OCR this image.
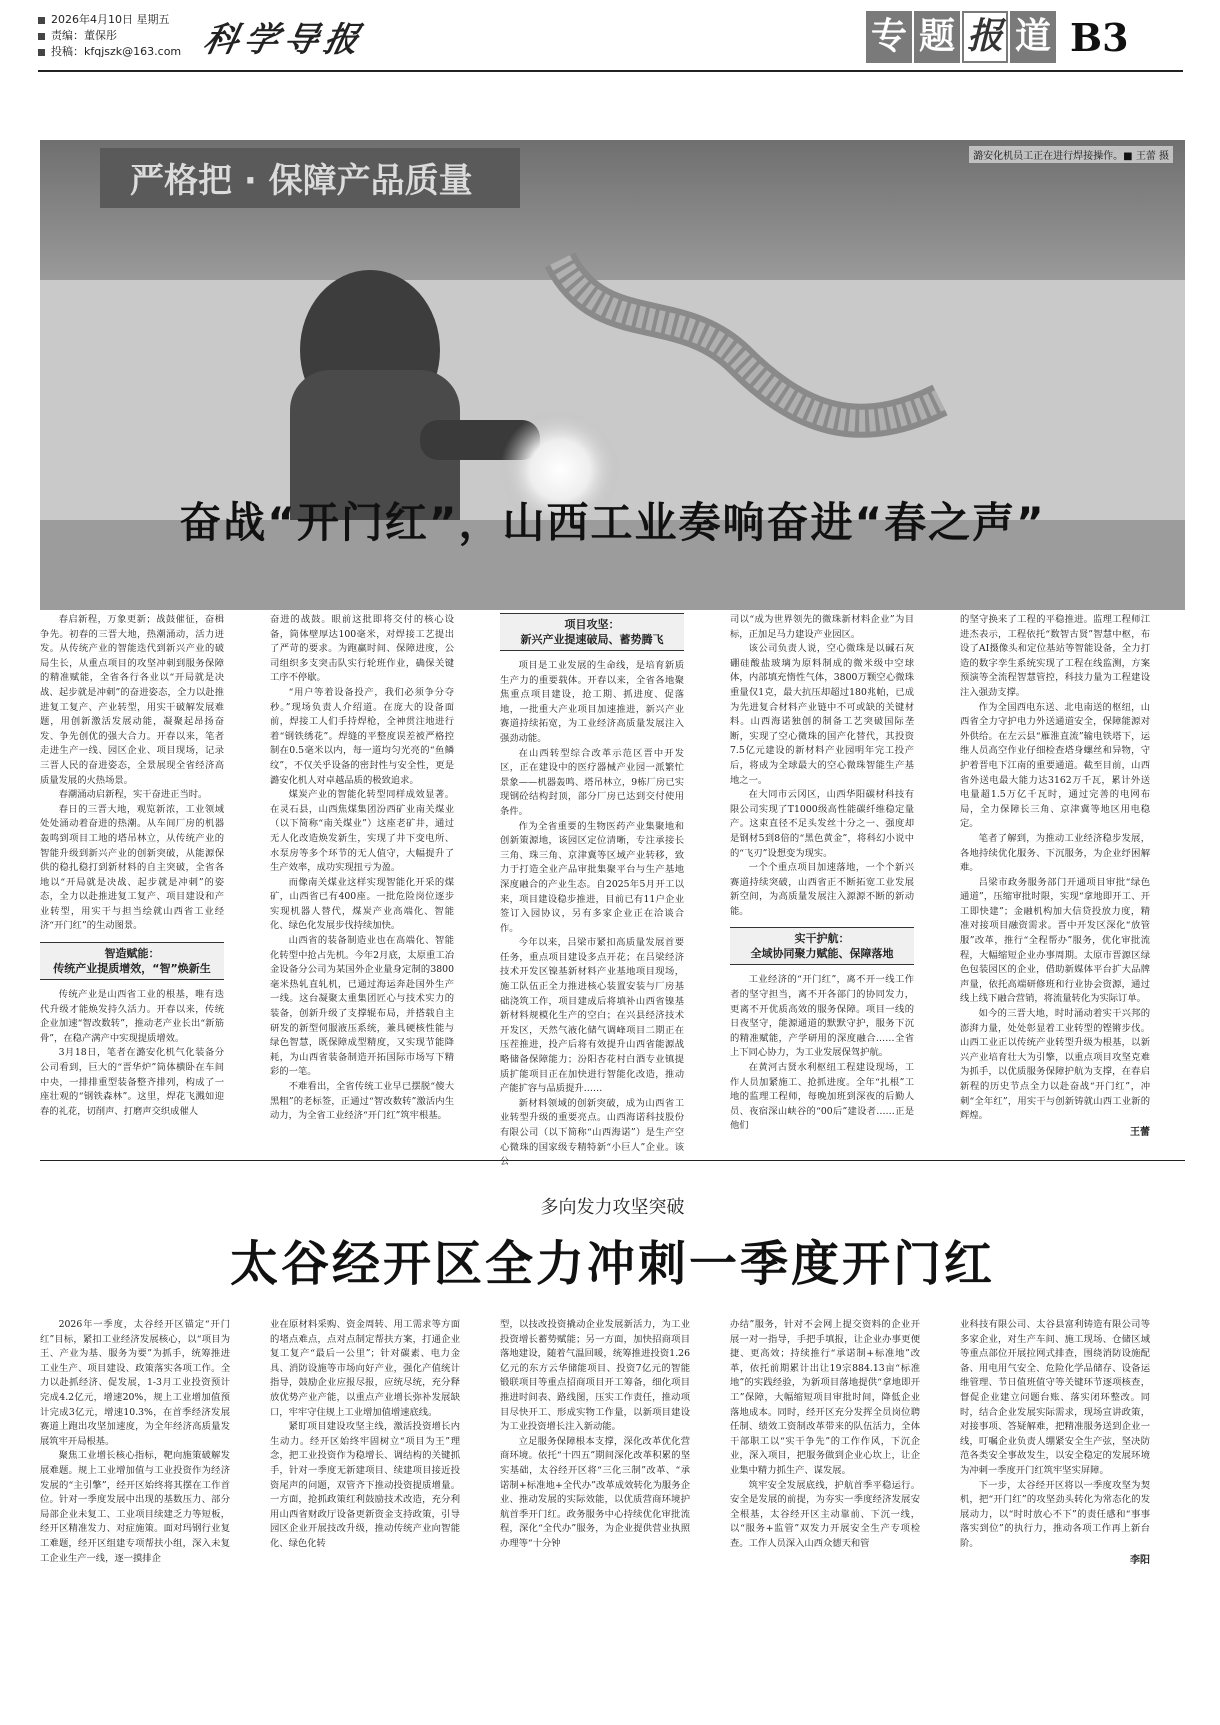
2026年4月10日 星期五
责编：董保彤
投稿：kfqjszk@163.com 科学导报	专 题 报 道 B3
严格把 · 保障产品质量
潞安化机员工正在进行焊接操作。■ 王蕾 摄
奋战“开门红”，山西工业奏响奋进“春之声”

春启新程，万象更新；战鼓催征，奋楫争先。初春的三晋大地，热潮涌动，活力迸发。从传统产业的智能迭代到新兴产业的破局生长，从重点项目的攻坚冲刺到服务保障的精准赋能，全省各行各业以“开局就是决战、起步就是冲刺”的奋进姿态，全力以赴推进复工复产、产业转型，用实干破解发展难题，用创新激活发展动能，凝聚起昂扬奋发、争先创优的强大合力。开春以来，笔者走进生产一线、园区企业、项目现场，记录三晋人民的奋进姿态，全景展现全省经济高质量发展的火热场景。

春潮涌动启新程，实干奋进正当时。

春日的三晋大地，观览新浓，工业领域处处涌动着奋进的热潮。从车间厂房的机器轰鸣到项目工地的塔吊林立，从传统产业的智能升级到新兴产业的创新突破，从能源保供的稳扎稳打到新材料的自主突破，全省各地以“开局就是决战、起步就是冲刺”的姿态，全力以赴推进复工复产、项目建设和产业转型，用实干与担当绘就山西省工业经济“开门红”的生动图景。

智造赋能：
传统产业提质增效，“智”焕新生

传统产业是山西省工业的根基，唯有迭代升级才能焕发持久活力。开春以来，传统企业加速“智改数转”，推动老产业长出“新筋骨”，在稳产满产中实现提质增效。

3月18日，笔者在潞安化机气化装备分公司看到，巨大的“晋华炉”筒体横卧在车间中央，一排排重型装备整齐排列，构成了一座壮观的“钢铁森林”。这里，焊花飞溅如迎春的礼花，切削声、打磨声交织成催人

奋进的战鼓。眼前这批即将交付的核心设备，筒体壁厚达100毫米，对焊接工艺提出了严苛的要求。为跑赢时间、保障进度，公司组织多支突击队实行轮班作业，确保关键工序不停歇。

“用户等着设备投产，我们必须争分夺秒。”现场负责人介绍道。在庞大的设备面前，焊接工人们手持焊枪，全神贯注地进行着“钢铁绣花”。焊缝的平整度误差被严格控制在0.5毫米以内，每一道均匀光亮的“鱼鳞纹”，不仅关乎设备的密封性与安全性，更是潞安化机人对卓越品质的极致追求。

煤炭产业的智能化转型同样成效显著。在灵石县，山西焦煤集团汾西矿业南关煤业（以下简称“南关煤业”）这座老矿井，通过无人化改造焕发新生，实现了井下变电所、水泵房等多个环节的无人值守，大幅提升了生产效率，成功实现扭亏为盈。

而像南关煤业这样实现智能化开采的煤矿，山西省已有400座。一批危险岗位逐步实现机器人替代，煤炭产业高端化、智能化、绿色化发展步伐持续加快。

山西省的装备制造业也在高端化、智能化转型中抢占先机。今年2月底，太原重工冶金设备分公司为某国外企业量身定制的3800毫米热轧直轧机，已通过海运奔赴国外生产一线。这台凝聚太重集团匠心与技术实力的装备，创新升级了支撑辊布局，并搭载自主研发的新型伺服液压系统，兼具硬核性能与绿色智慧，既保障成型精度，又实现节能降耗，为山西省装备制造开拓国际市场写下精彩的一笔。

不难看出，全省传统工业早已摆脱“傻大黑粗”的老标签，正通过“智改数转”激活内生动力，为全省工业经济“开门红”筑牢根基。

项目攻坚：
新兴产业提速破局、蓄势腾飞

项目是工业发展的生命线，是培育新质生产力的重要载体。开春以来，全省各地聚焦重点项目建设，抢工期、抓进度、促落地，一批重大产业项目加速推进，新兴产业赛道持续拓宽，为工业经济高质量发展注入强劲动能。

在山西转型综合改革示范区晋中开发区，正在建设中的医疗器械产业园一派繁忙景象——机器轰鸣、塔吊林立，9栋厂房已实现钢砼结构封顶，部分厂房已达到交付使用条件。

作为全省重要的生物医药产业集聚地和创新策源地，该园区定位清晰，专注承接长三角、珠三角、京津冀等区域产业转移，致力于打造全业产品审批集聚平台与生产基地深度融合的产业生态。自2025年5月开工以来，项目建设稳步推进，目前已有11户企业签订入园协议，另有多家企业正在洽谈合作。

今年以来，吕梁市紧扣高质量发展首要任务，重点项目建设多点开花；在吕梁经济技术开发区镍基新材料产业基地项目现场，施工队伍正全力推进核心装置安装与厂房基础浇筑工作，项目建成后将填补山西省镍基新材料规模化生产的空白；在兴县经济技术开发区，天然气液化储气调峰项目二期正在压茬推进，投产后将有效提升山西省能源战略储备保障能力；汾阳杏花村白酒专业镇提质扩能项目正在加快进行智能化改造，推动产能扩容与品质提升……

新材料领域的创新突破，成为山西省工业转型升级的重要亮点。山西海诺科技股份有限公司（以下简称“山西海诺”）是生产空心微珠的国家级专精特新“小巨人”企业。该公

司以“成为世界领先的微珠新材料企业”为目标，正加足马力建设产业园区。

该公司负责人说，空心微珠是以碱石灰硼硅酸盐玻璃为原料制成的微米级中空球体，内部填充惰性气体，3800万颗空心微珠重量仅1克，最大抗压却超过180兆帕，已成为先进复合材料产业链中不可或缺的关键材料。山西海诺独创的制备工艺突破国际垄断，实现了空心微珠的国产化替代，其投资7.5亿元建设的新材料产业园明年完工投产后，将成为全球最大的空心微珠智能生产基地之一。

在大同市云冈区，山西华阳碳材科技有限公司实现了T1000级高性能碳纤维稳定量产。这束直径不足头发丝十分之一、强度却是钢材5到8倍的“黑色黄金”，将科幻小说中的“飞刃”设想变为现实。

一个个重点项目加速落地，一个个新兴赛道持续突破，山西省正不断拓宽工业发展新空间，为高质量发展注入源源不断的新动能。

实干护航：
全域协同聚力赋能、保障落地

工业经济的“开门红”，离不开一线工作者的坚守担当，离不开各部门的协同发力，更离不开优质高效的服务保障。项目一线的日夜坚守，能源通道的默默守护，服务下沉的精准赋能，产学研用的深度融合……全省上下同心协力，为工业发展保驾护航。

在黄河古贤水利枢纽工程建设现场，工作人员加紧施工、抢抓进度。全年“扎根”工地的监理工程师，每晚加班到深夜的后勤人员、夜宿深山峡谷的“00后”建设者……正是他们

的坚守换来了工程的平稳推进。监理工程师江进杰表示，工程依托“数智古贤”智慧中枢，布设了AI摄像头和定位基站等智能设备，全力打造的数字孪生系统实现了工程在线监测，方案预演等全流程智慧管控，科技力量为工程建设注入强劲支撑。

作为全国西电东送、北电南送的枢纽，山西省全力守护电力外送通道安全，保障能源对外供给。在左云县“雁淮直流”输电铁塔下，运维人员高空作业仔细检查塔身螺丝和异物，守护着晋电下江南的重要通道。截至目前，山西省外送电最大能力达3162万千瓦，累计外送电量超1.5万亿千瓦时，通过完善的电网布局，全力保障长三角、京津冀等地区用电稳定。

笔者了解到，为推动工业经济稳步发展，各地持续优化服务、下沉服务，为企业纾困解难。

吕梁市政务服务部门开通项目审批“绿色通道”，压缩审批时限，实现“拿地即开工、开工即快建”；金融机构加大信贷投放力度，精准对接项目融资需求。晋中开发区深化“放管服”改革，推行“全程帮办”服务，优化审批流程，大幅缩短企业办事周期。太原市晋源区绿色包装园区的企业，借助新媒体平台扩大品牌声量，依托高端研修班和行业协会资源，通过线上线下融合营销，将流量转化为实际订单。

如今的三晋大地，时时涌动着实干兴邦的澎湃力量，处处彰显着工业转型的铿锵步伐。山西工业正以传统产业转型升级为根基，以新兴产业培育壮大为引擎，以重点项目攻坚克难为抓手，以优质服务保障护航为支撑，在春启新程的历史节点全力以赴奋战“开门红”，冲刺“全年红”，用实干与创新铸就山西工业新的辉煌。

王蕾
多向发力攻坚突破
太谷经开区全力冲刺一季度开门红

2026年一季度，太谷经开区锚定“开门红”目标，紧扣工业经济发展核心，以“项目为王、产业为基、服务为要”为抓手，统筹推进工业生产、项目建设、政策落实各项工作。全力以赴抓经济、促发展，1-3月工业投资预计完成4.2亿元，增速20%，规上工业增加值预计完成3亿元，增速10.3%，在首季经济发展赛道上跑出攻坚加速度，为全年经济高质量发展筑牢开局根基。

聚焦工业增长核心指标，靶向施策破解发展难题。规上工业增加值与工业投资作为经济发展的“主引擎”，经开区始终将其摆在工作首位。针对一季度发展中出现的基数压力、部分局部企业未复工、工业项目续建乏力等短板，经开区精准发力、对症施策。面对玛钢行业复工难题，经开区组建专项帮扶小组，深入未复工企业生产一线，逐一摸排企

业在原材料采购、资金周转、用工需求等方面的堵点难点，点对点制定帮扶方案，打通企业复工复产“最后一公里”；针对碳素、电力金具、消防设施等市场向好产业，强化产值统计指导，鼓励企业应报尽报，应统尽统，充分释放优势产业产能，以重点产业增长弥补发展缺口，牢牢守住规上工业增加值增速底线。

紧盯项目建设攻坚主线，激活投资增长内生动力。经开区始终牢固树立“项目为王”理念，把工业投资作为稳增长、调结构的关键抓手，针对一季度无新建项目、续建项目接近投资尾声的问题，双管齐下推动投资提质增量。一方面，抢抓政策红利鼓励技术改造，充分利用山西省财政厅设备更新资金支持政策，引导园区企业开展技改升级，推动传统产业向智能化、绿色化转

型，以技改投资撬动企业发展新活力，为工业投资增长蓄势赋能；另一方面，加快招商项目落地建设，随着气温回暖，统筹推进投资1.26亿元的东方云华储能项目、投资7亿元的智能锻联项目等重点招商项目开工筹备，细化项目推进时间表、路线图，压实工作责任，推动项目尽快开工、形成实物工作量，以新项目建设为工业投资增长注入新动能。

立足服务保障根本支撑，深化改革优化营商环境。依托“十四五”期间深化改革积累的坚实基础，太谷经开区将“三化三制”改革、“承诺制+标准地+全代办”改革成效转化为服务企业、推动发展的实际效能，以优质营商环境护航首季开门红。政务服务中心持续优化审批流程，深化“全代办”服务，为企业提供营业执照办理等“十分钟

办结”服务，针对不会网上提交资料的企业开展一对一指导，手把手填报，让企业办事更便捷、更高效；持续推行“承诺制+标准地”改革，依托前期累计出让19宗884.13亩“标准地”的实践经验，为新项目落地提供“拿地即开工”保障，大幅缩短项目审批时间，降低企业落地成本。同时，经开区充分发挥全员岗位聘任制、绩效工资制改革带来的队伍活力，全体干部职工以“实干争先”的工作作风，下沉企业，深入项目，把服务做到企业心坎上，让企业集中精力抓生产、谋发展。

筑牢安全发展底线，护航首季平稳运行。安全是发展的前提，为夯实一季度经济发展安全根基，太谷经开区主动靠前、下沉一线，以“服务+监管”双发力开展安全生产专项检查。工作人员深入山西众德天和管

业科技有限公司、太谷县富利铸造有限公司等多家企业，对生产车间、施工现场、仓储区域等重点部位开展拉网式排查，围绕消防设施配备、用电用气安全、危险化学品储存、设备运维管理、节日值班值守等关键环节逐项核查，督促企业建立问题台账、落实闭环整改。同时，结合企业发展实际需求，现场宣讲政策，对接事项、答疑解难，把精准服务送到企业一线，叮嘱企业负责人绷紧安全生产弦，坚决防范各类安全事故发生，以安全稳定的发展环境为冲刺一季度开门红筑牢坚实屏障。

下一步，太谷经开区将以一季度攻坚为契机，把“开门红”的攻坚劲头转化为常态化的发展动力，以“时时放心不下”的责任感和“事事落实到位”的执行力，推动各项工作再上新台阶。

李阳
